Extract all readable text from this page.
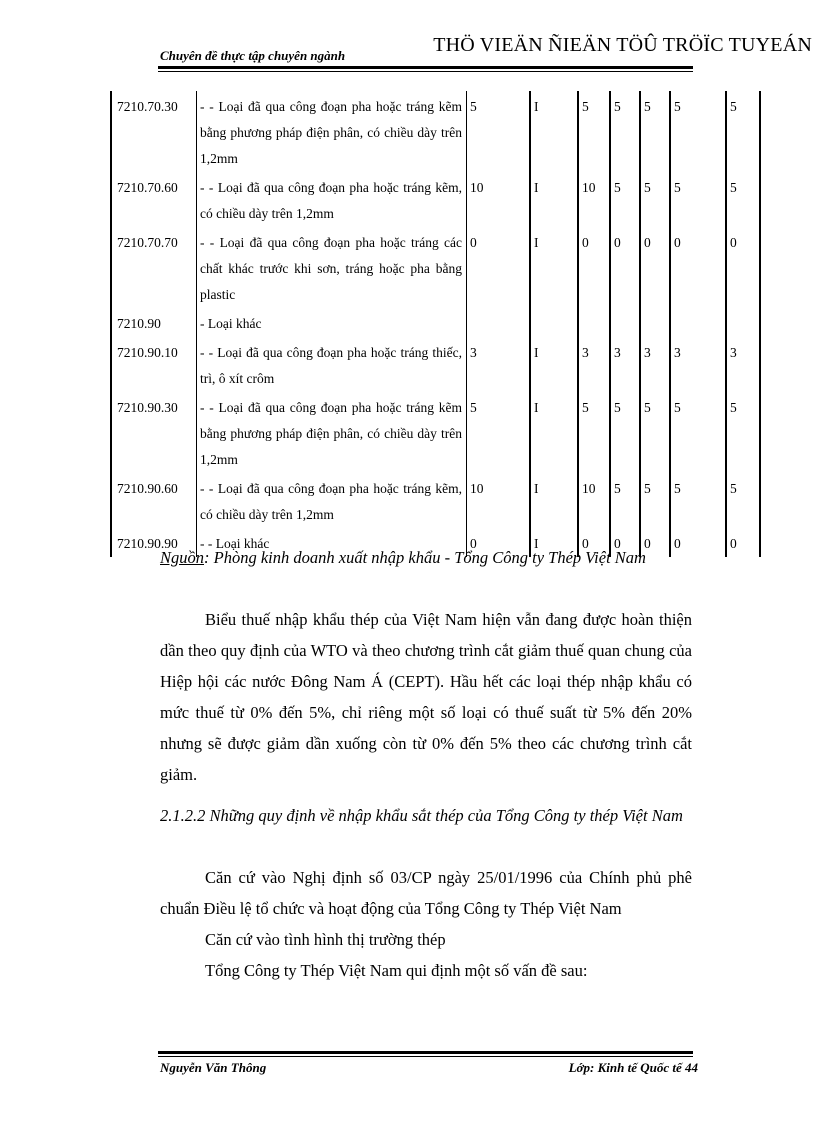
Chuyên đề thực tập chuyên ngành	THÖ VIEÄN ÑIEÄN TÖÛ TRÖÏC TUYEÁN
7210.70.30	- - Loại đã qua công đoạn pha hoặc tráng kẽm bằng phương pháp điện phân, có chiều dày trên 1,2mm	5	I	5	5	5	5		5
7210.70.60	- - Loại đã qua công đoạn pha hoặc tráng kẽm, có chiều dày trên 1,2mm	10	I	10	5	5	5		5
7210.70.70	- - Loại đã qua công đoạn pha hoặc tráng các chất khác trước khi sơn, tráng hoặc pha bằng plastic	0	I	0	0	0	0		0
7210.90	- Loại khác								
7210.90.10	- - Loại đã qua công đoạn pha hoặc tráng thiếc, trì, ô xít crôm	3	I	3	3	3	3		3
7210.90.30	- - Loại đã qua công đoạn pha hoặc tráng kẽm bằng phương pháp điện phân, có chiều dày trên 1,2mm	5	I	5	5	5	5		5
7210.90.60	- - Loại đã qua công đoạn pha hoặc tráng kẽm, có chiều dày trên 1,2mm	10	I	10	5	5	5		5
7210.90.90	- - Loại khác	0	I	0	0	0	0		0
Nguồn: Phòng kinh doanh xuất nhập khẩu - Tổng Công ty Thép Việt Nam
Biểu thuế nhập khẩu thép của Việt Nam hiện vẫn đang được hoàn thiện dần theo quy định của WTO và theo chương trình cắt giảm thuế quan chung của Hiệp hội các nước Đông Nam Á (CEPT). Hầu hết các loại thép nhập khẩu có mức thuế từ 0% đến 5%, chỉ riêng một số loại có thuế suất từ 5% đến 20% nhưng sẽ được giảm dần xuống còn từ 0% đến 5% theo các chương trình cắt giảm.
2.1.2.2 Những quy định về nhập khẩu sắt thép của Tổng Công ty thép Việt Nam
Căn cứ vào Nghị định số 03/CP ngày 25/01/1996 của Chính phủ phê chuẩn Điều lệ tổ chức và hoạt động của Tổng Công ty Thép Việt Nam
Căn cứ vào tình hình thị trường thép
Tổng Công ty Thép Việt Nam qui định một số vấn đề sau:
Nguyễn Văn Thông	Lớp: Kinh tế Quốc tế 44
